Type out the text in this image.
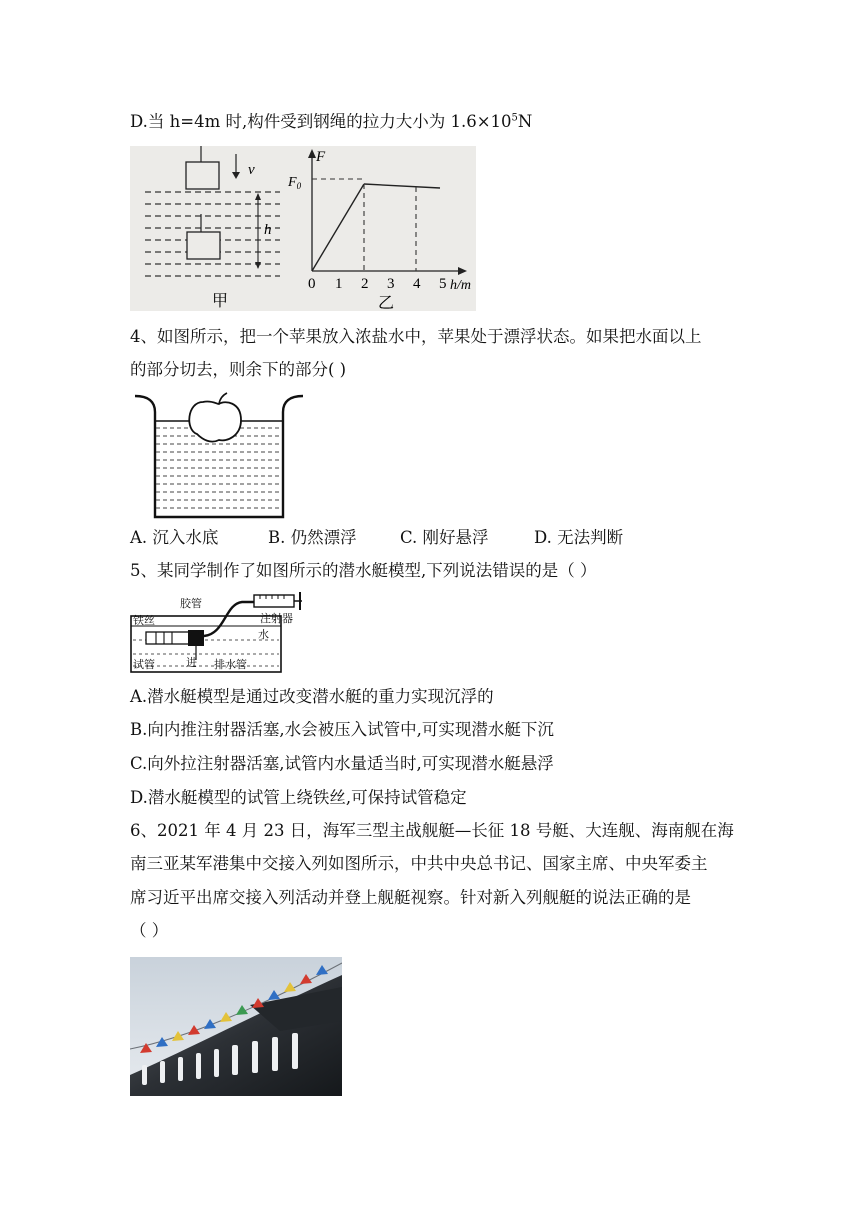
D.当 h=4m 时,构件受到钢绳的拉力大小为 $1.6\times 10^5N$
v
h
甲
F
$F_0$
0 1 2 3 4 5 h/m
乙
4、如图所示，把一个苹果放入浓盐水中，苹果处于漂浮状态。如果把水面以上
的部分切去，则余下的部分( )
A. 沉入水底	B. 仍然漂浮	C. 刚好悬浮	D. 无法判断
5、某同学制作了如图所示的潜水艇模型,下列说法错误的是（ ）
胶管
注射器
铁丝
水
试管	进 排水管
A.潜水艇模型是通过改变潜水艇的重力实现沉浮的
B.向内推注射器活塞,水会被压入试管中,可实现潜水艇下沉
C.向外拉注射器活塞,试管内水量适当时,可实现潜水艇悬浮
D.潜水艇模型的试管上绕铁丝,可保持试管稳定
6、2021 年 4 月 23 日，海军三型主战舰艇—长征 18 号艇、大连舰、海南舰在海
南三亚某军港集中交接入列如图所示，中共中央总书记、国家主席、中央军委主
席习近平出席交接入列活动并登上舰艇视察。针对新入列舰艇的说法正确的是
（ ）
